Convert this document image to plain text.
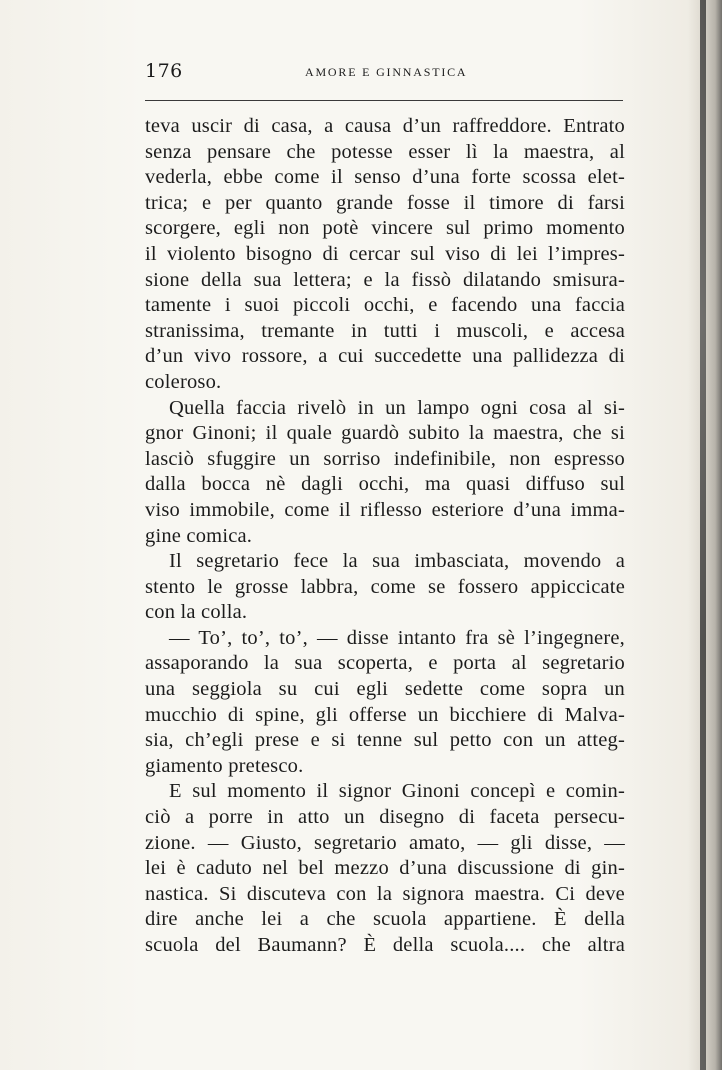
176	AMORE E GINNASTICA
teva uscir di casa, a causa d’un raffreddore. Entrato
senza pensare che potesse esser lì la maestra, al
vederla, ebbe come il senso d’una forte scossa elet-
trica; e per quanto grande fosse il timore di farsi
scorgere, egli non potè vincere sul primo momento
il violento bisogno di cercar sul viso di lei l’impres-
sione della sua lettera; e la fissò dilatando smisura-
tamente i suoi piccoli occhi, e facendo una faccia
stranissima, tremante in tutti i muscoli, e accesa
d’un vivo rossore, a cui succedette una pallidezza di
coleroso.
Quella faccia rivelò in un lampo ogni cosa al si-
gnor Ginoni; il quale guardò subito la maestra, che si
lasciò sfuggire un sorriso indefinibile, non espresso
dalla bocca nè dagli occhi, ma quasi diffuso sul
viso immobile, come il riflesso esteriore d’una imma-
gine comica.
Il segretario fece la sua imbasciata, movendo a
stento le grosse labbra, come se fossero appiccicate
con la colla.
— To’, to’, to’, — disse intanto fra sè l’ingegnere,
assaporando la sua scoperta, e porta al segretario
una seggiola su cui egli sedette come sopra un
mucchio di spine, gli offerse un bicchiere di Malva-
sia, ch’egli prese e si tenne sul petto con un atteg-
giamento pretesco.
E sul momento il signor Ginoni concepì e comin-
ciò a porre in atto un disegno di faceta persecu-
zione. — Giusto, segretario amato, — gli disse, —
lei è caduto nel bel mezzo d’una discussione di gin-
nastica. Si discuteva con la signora maestra. Ci deve
dire anche lei a che scuola appartiene. È della
scuola del Baumann? È della scuola.... che altra
